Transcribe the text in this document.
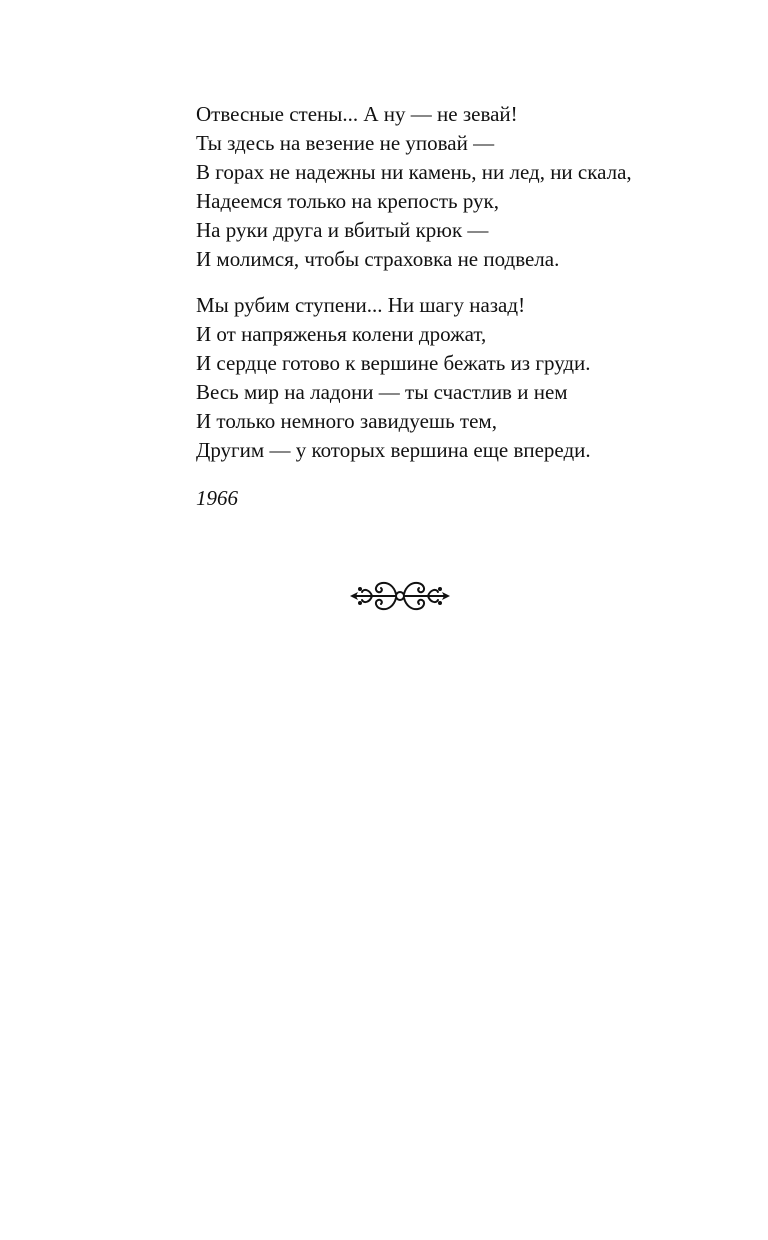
Отвесные стены... А ну — не зевай!
Ты здесь на везение не уповай —
В горах не надежны ни камень, ни лед, ни скала,
Надеемся только на крепость рук,
На руки друга и вбитый крюк —
И молимся, чтобы страховка не подвела.
Мы рубим ступени... Ни шагу назад!
И от напряженья колени дрожат,
И сердце готово к вершине бежать из груди.
Весь мир на ладони — ты счастлив и нем
И только немного завидуешь тем,
Другим — у которых вершина еще впереди.
1966
